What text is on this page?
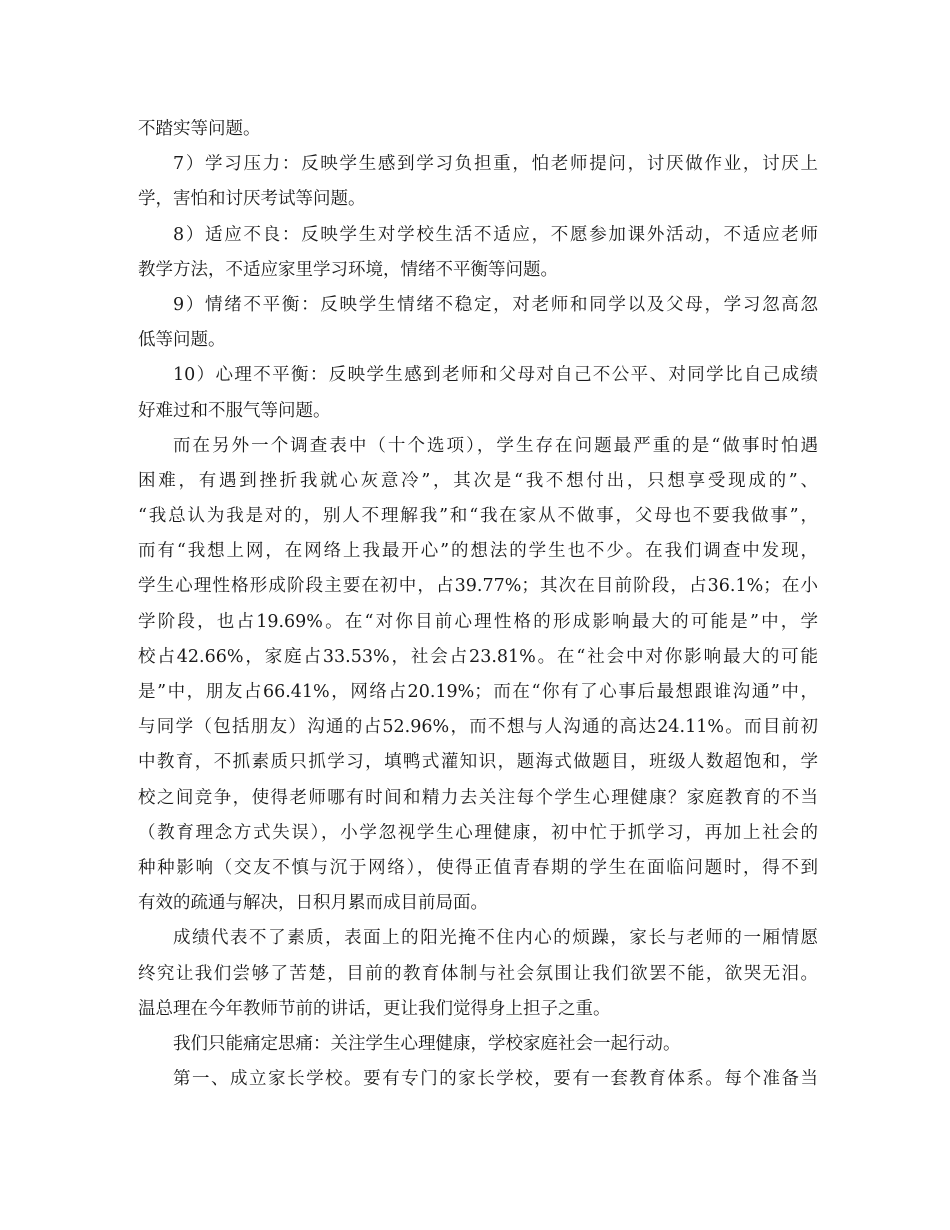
不踏实等问题。
7）学习压力：反映学生感到学习负担重，怕老师提问，讨厌做作业，讨厌上
学，害怕和讨厌考试等问题。
8）适应不良：反映学生对学校生活不适应，不愿参加课外活动，不适应老师
教学方法，不适应家里学习环境，情绪不平衡等问题。
9）情绪不平衡：反映学生情绪不稳定，对老师和同学以及父母，学习忽高忽
低等问题。
10）心理不平衡：反映学生感到老师和父母对自己不公平、对同学比自己成绩
好难过和不服气等问题。
而在另外一个调查表中（十个选项），学生存在问题最严重的是“做事时怕遇
困难，有遇到挫折我就心灰意冷”，其次是“我不想付出，只想享受现成的”、
“我总认为我是对的，别人不理解我”和“我在家从不做事，父母也不要我做事”，
而有“我想上网，在网络上我最开心”的想法的学生也不少。在我们调查中发现，
学生心理性格形成阶段主要在初中，占39.77%；其次在目前阶段，占36.1%；在小
学阶段，也占19.69%。在“对你目前心理性格的形成影响最大的可能是”中，学
校占42.66%，家庭占33.53%，社会占23.81%。在“社会中对你影响最大的可能
是”中，朋友占66.41%，网络占20.19%；而在“你有了心事后最想跟谁沟通”中，
与同学（包括朋友）沟通的占52.96%，而不想与人沟通的高达24.11%。而目前初
中教育，不抓素质只抓学习，填鸭式灌知识，题海式做题目，班级人数超饱和，学
校之间竞争，使得老师哪有时间和精力去关注每个学生心理健康？家庭教育的不当
（教育理念方式失误），小学忽视学生心理健康，初中忙于抓学习，再加上社会的
种种影响（交友不慎与沉于网络），使得正值青春期的学生在面临问题时，得不到
有效的疏通与解决，日积月累而成目前局面。
成绩代表不了素质，表面上的阳光掩不住内心的烦躁，家长与老师的一厢情愿
终究让我们尝够了苦楚，目前的教育体制与社会氛围让我们欲罢不能，欲哭无泪。
温总理在今年教师节前的讲话，更让我们觉得身上担子之重。
我们只能痛定思痛：关注学生心理健康，学校家庭社会一起行动。
第一、成立家长学校。要有专门的家长学校，要有一套教育体系。每个准备当
